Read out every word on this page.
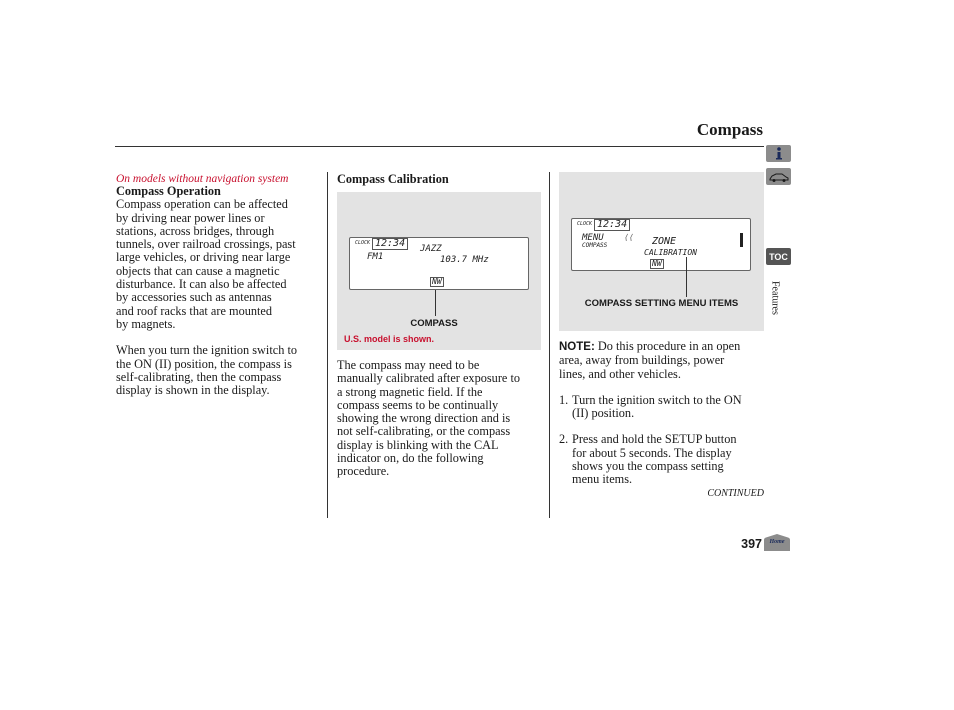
Compass
On models without navigation system
Compass Operation
Compass operation can be affected
by driving near power lines or
stations, across bridges, through
tunnels, over railroad crossings, past
large vehicles, or driving near large
objects that can cause a magnetic
disturbance. It can also be affected
by accessories such as antennas
and roof racks that are mounted
by magnets.
When you turn the ignition switch to
the ON (II) position, the compass is
self-calibrating, then the compass
display is shown in the display.
Compass Calibration
CLOCK 12:34	JAZZ
FM1	103.7 MHz
NW
COMPASS
U.S. model is shown.
The compass may need to be
manually calibrated after exposure to
a strong magnetic field. If the
compass seems to be continually
showing the wrong direction and is
not self-calibrating, or the compass
display is blinking with the CAL
indicator on, do the following
procedure.
CLOCK 12:34
MENU
COMPASS
⟨⟨ ZONE
CALIBRATION
NW
COMPASS SETTING MENU ITEMS
NOTE: Do this procedure in an open
area, away from buildings, power
lines, and other vehicles.
1. Turn the ignition switch to the ON
(II) position.
2. Press and hold the SETUP button
for about 5 seconds. The display
shows you the compass setting
menu items.
CONTINUED
TOC
Features
397	Home
